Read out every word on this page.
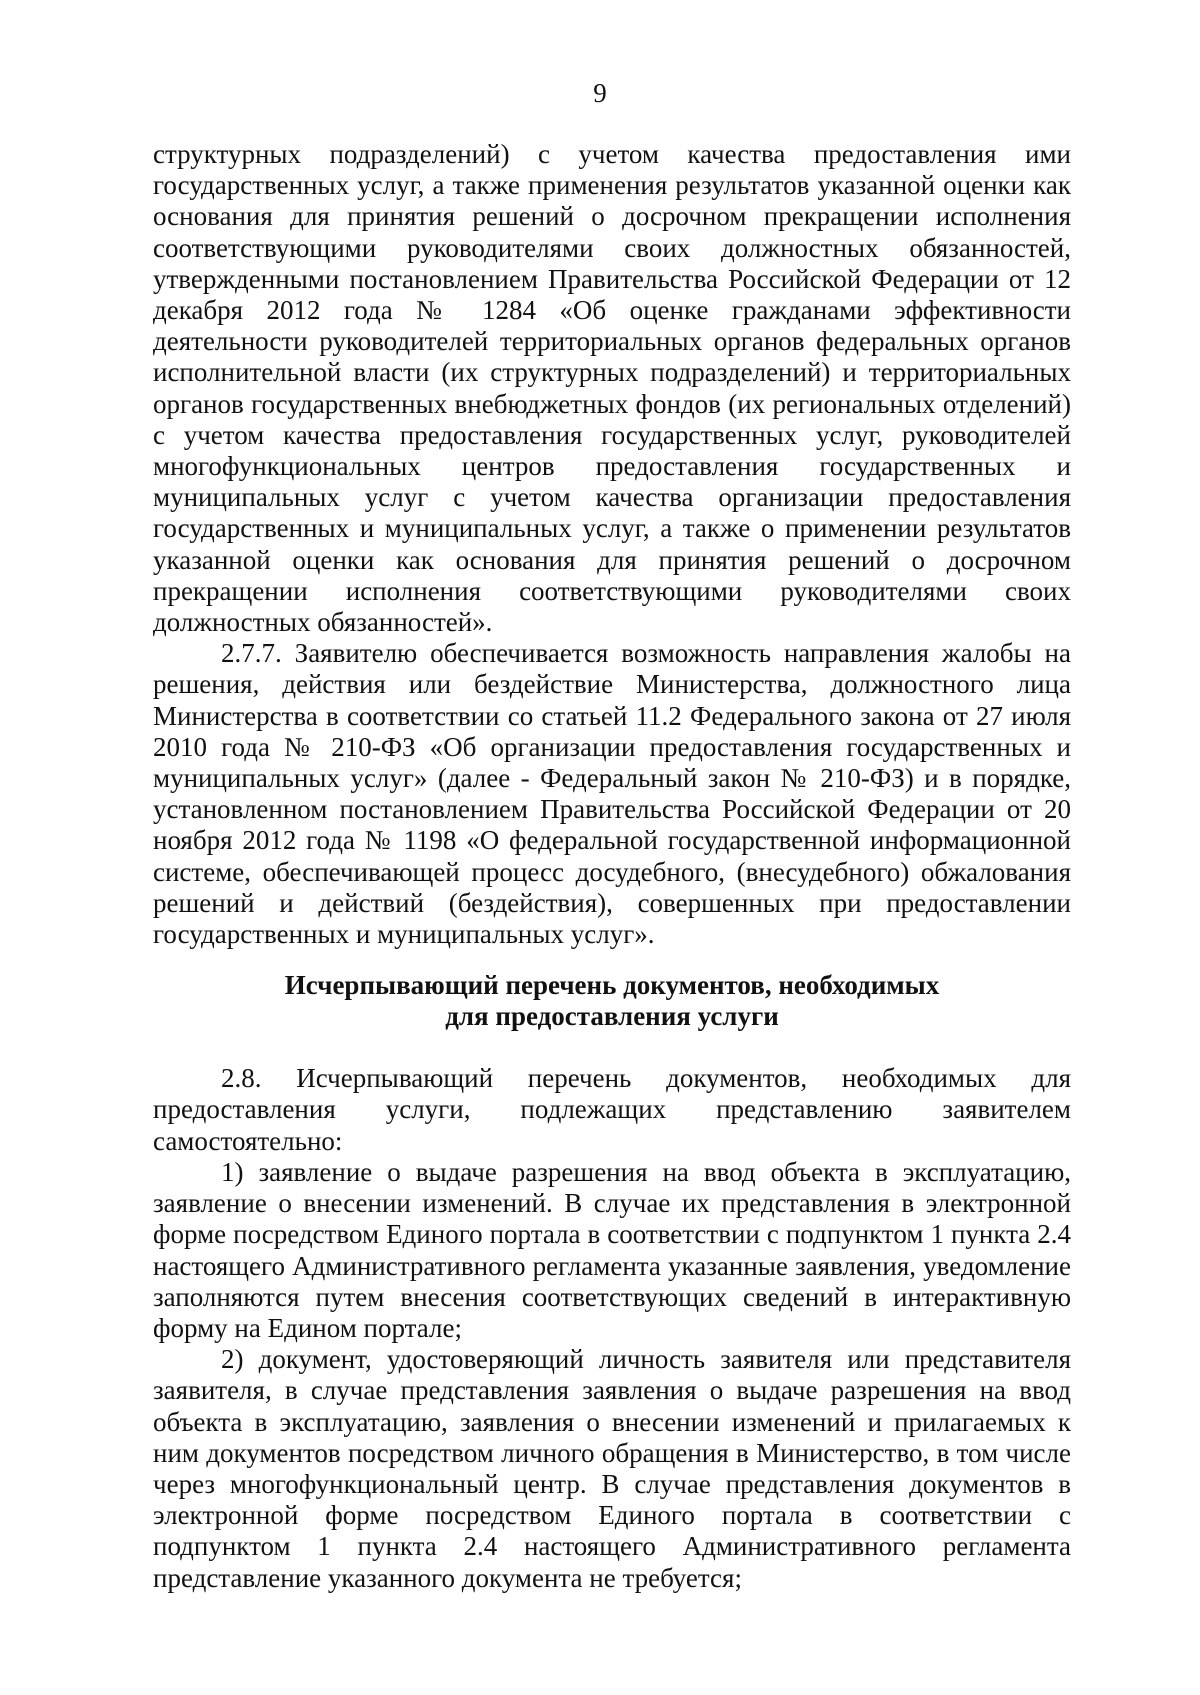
9

структурных подразделений) с учетом качества предоставления ими государственных услуг, а также применения результатов указанной оценки как основания для принятия решений о досрочном прекращении исполнения соответствующими руководителями своих должностных обязанностей, утвержденными постановлением Правительства Российской Федерации от 12 декабря 2012 года № 1284 «Об оценке гражданами эффективности деятельности руководителей территориальных органов федеральных органов исполнительной власти (их структурных подразделений) и территориальных органов государственных внебюджетных фондов (их региональных отделений) с учетом качества предоставления государственных услуг, руководителей многофункциональных центров предоставления государственных и муниципальных услуг с учетом качества организации предоставления государственных и муниципальных услуг, а также о применении результатов указанной оценки как основания для принятия решений о досрочном прекращении исполнения соответствующими руководителями своих должностных обязанностей».

2.7.7. Заявителю обеспечивается возможность направления жалобы на решения, действия или бездействие Министерства, должностного лица Министерства в соответствии со статьей 11.2 Федерального закона от 27 июля 2010 года № 210-ФЗ «Об организации предоставления государственных и муниципальных услуг» (далее - Федеральный закон № 210-ФЗ) и в порядке, установленном постановлением Правительства Российской Федерации от 20 ноября 2012 года № 1198 «О федеральной государственной информационной системе, обеспечивающей процесс досудебного, (внесудебного) обжалования решений и действий (бездействия), совершенных при предоставлении государственных и муниципальных услуг».

Исчерпывающий перечень документов, необходимых
для предоставления услуги

2.8. Исчерпывающий перечень документов, необходимых для предоставления услуги, подлежащих представлению заявителем самостоятельно:

1) заявление о выдаче разрешения на ввод объекта в эксплуатацию, заявление о внесении изменений. В случае их представления в электронной форме посредством Единого портала в соответствии с подпунктом 1 пункта 2.4 настоящего Административного регламента указанные заявления, уведомление заполняются путем внесения соответствующих сведений в интерактивную форму на Едином портале;

2) документ, удостоверяющий личность заявителя или представителя заявителя, в случае представления заявления о выдаче разрешения на ввод объекта в эксплуатацию, заявления о внесении изменений и прилагаемых к ним документов посредством личного обращения в Министерство, в том числе через многофункциональный центр. В случае представления документов в электронной форме посредством Единого портала в соответствии с подпунктом 1 пункта 2.4 настоящего Административного регламента представление указанного документа не требуется;
